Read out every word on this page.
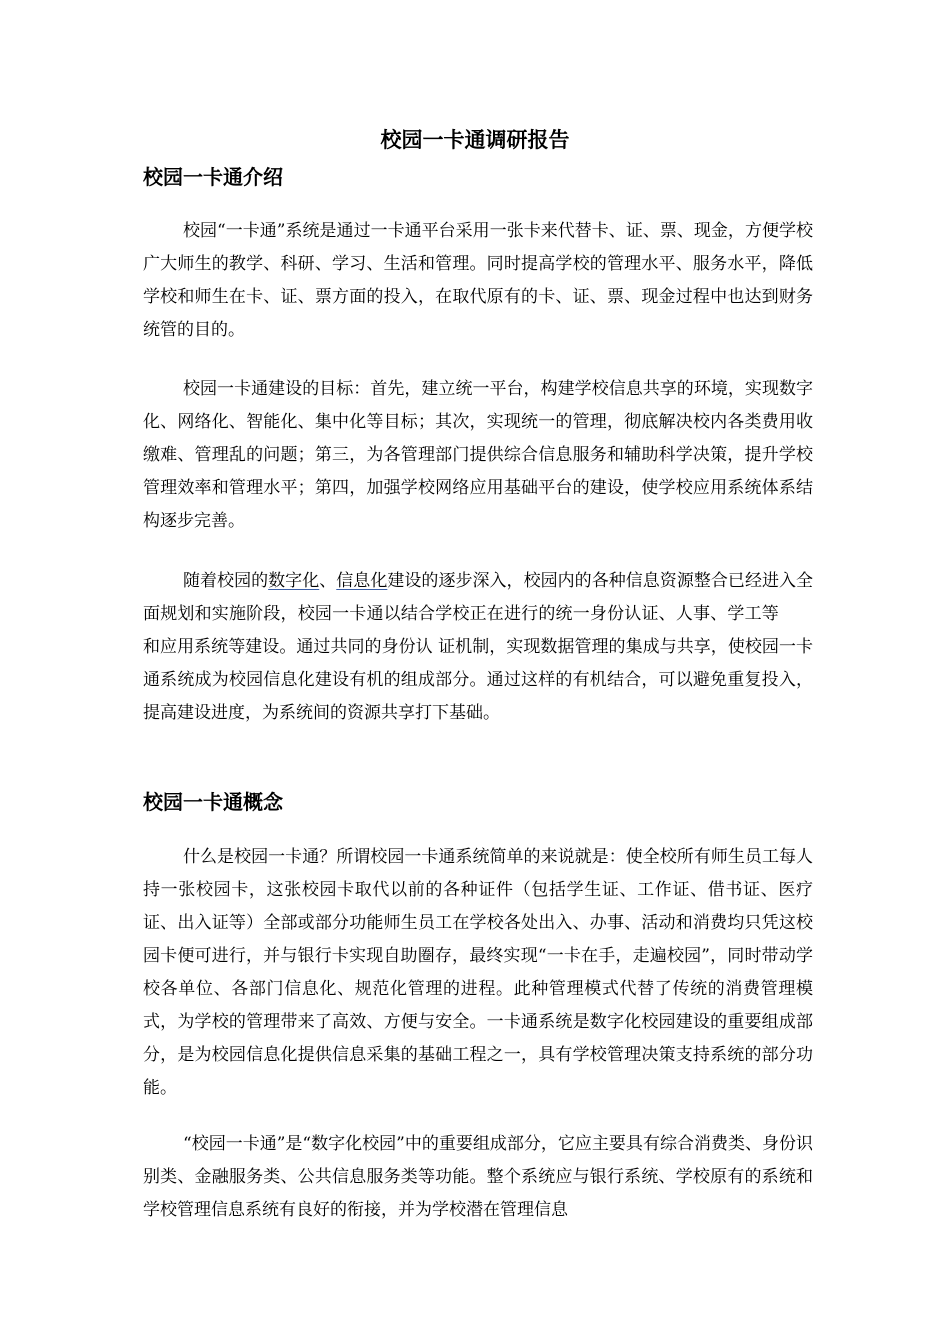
校园一卡通调研报告
校园一卡通介绍

校园“一卡通”系统是通过一卡通平台采用一张卡来代替卡、证、票、现金，方便学校广大师生的教学、科研、学习、生活和管理。同时提高学校的管理水平、服务水平，降低学校和师生在卡、证、票方面的投入，在取代原有的卡、证、票、现金过程中也达到财务统管的目的。

校园一卡通建设的目标：首先，建立统一平台，构建学校信息共享的环境，实现数字化、网络化、智能化、集中化等目标；其次，实现统一的管理，彻底解决校内各类费用收缴难、管理乱的问题；第三，为各管理部门提供综合信息服务和辅助科学决策，提升学校管理效率和管理水平；第四，加强学校网络应用基础平台的建设，使学校应用系统体系结构逐步完善。

随着校园的数字化、信息化建设的逐步深入，校园内的各种信息资源整合已经进入全面规划和实施阶段，校园一卡通以结合学校正在进行的统一身份认证、人事、学工等和应用系统等建设。通过共同的身份认 证机制，实现数据管理的集成与共享，使校园一卡通系统成为校园信息化建设有机的组成部分。通过这样的有机结合，可以避免重复投入，提高建设进度，为系统间的资源共享打下基础。

校园一卡通概念

什么是校园一卡通？所谓校园一卡通系统简单的来说就是：使全校所有师生员工每人持一张校园卡，这张校园卡取代以前的各种证件（包括学生证、工作证、借书证、医疗证、出入证等）全部或部分功能师生员工在学校各处出入、办事、活动和消费均只凭这校园卡便可进行，并与银行卡实现自助圈存，最终实现“一卡在手，走遍校园”，同时带动学校各单位、各部门信息化、规范化管理的进程。此种管理模式代替了传统的消费管理模式，为学校的管理带来了高效、方便与安全。一卡通系统是数字化校园建设的重要组成部分，是为校园信息化提供信息采集的基础工程之一，具有学校管理决策支持系统的部分功能。

“校园一卡通”是“数字化校园”中的重要组成部分，它应主要具有综合消费类、身份识别类、金融服务类、公共信息服务类等功能。整个系统应与银行系统、学校原有的系统和学校管理信息系统有良好的衔接，并为学校潜在管理信息
